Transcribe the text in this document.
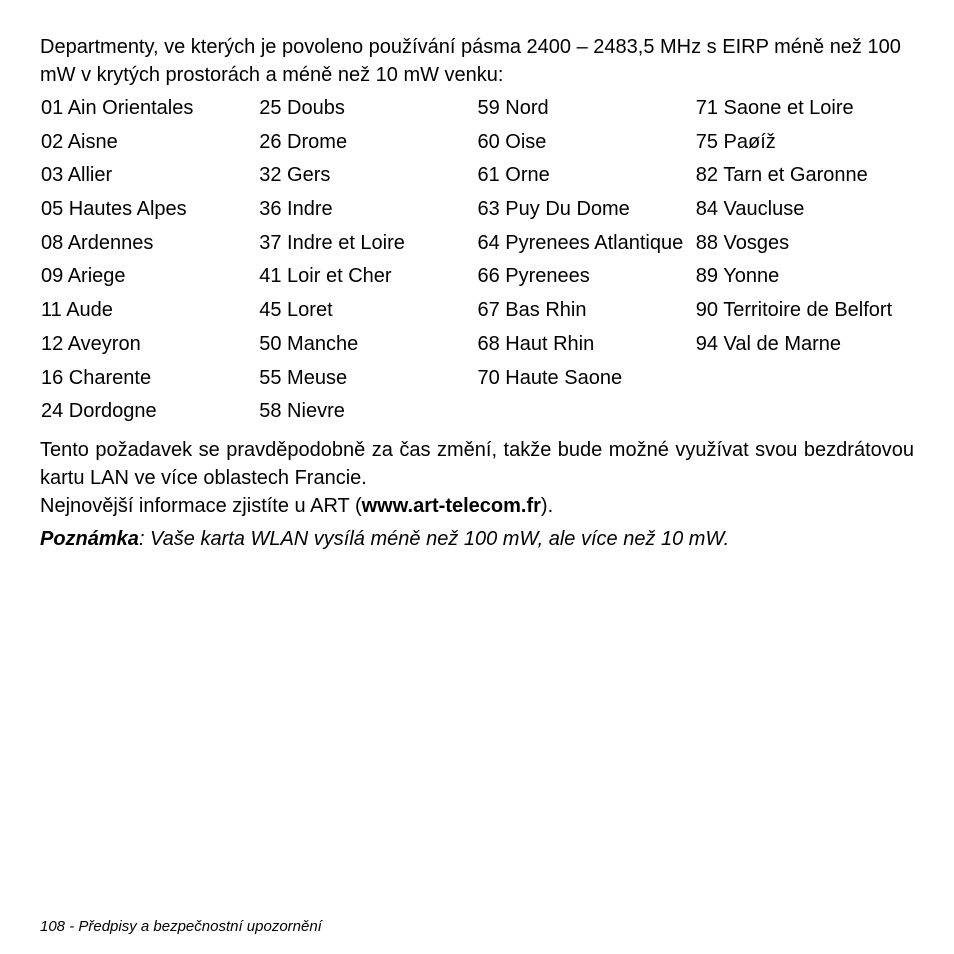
Departmenty, ve kterých je povoleno používání pásma 2400 – 2483,5 MHz s EIRP méně než 100 mW v krytých prostorách a méně než 10 mW venku:

01 Ain Orientales
02 Aisne
03 Allier
05 Hautes Alpes
08 Ardennes
09 Ariege
11 Aude
12 Aveyron
16 Charente
24 Dordogne
25 Doubs
26 Drome
32 Gers
36 Indre
37 Indre et Loire
41 Loir et Cher
45 Loret
50 Manche
55 Meuse
58 Nievre
59 Nord
60 Oise
61 Orne
63 Puy Du Dome
64 Pyrenees Atlantique
66 Pyrenees
67 Bas Rhin
68 Haut Rhin
70 Haute Saone
71 Saone et Loire
75 Paøíž
82 Tarn et Garonne
84 Vaucluse
88 Vosges
89 Yonne
90 Territoire de Belfort
94 Val de Marne

Tento požadavek se pravděpodobně za čas změní, takže bude možné využívat svou bezdrátovou kartu LAN ve více oblastech Francie.

Nejnovější informace zjistíte u ART (www.art-telecom.fr).

Poznámka: Vaše karta WLAN vysílá méně než 100 mW, ale více než 10 mW.

108 - Předpisy a bezpečnostní upozornění
